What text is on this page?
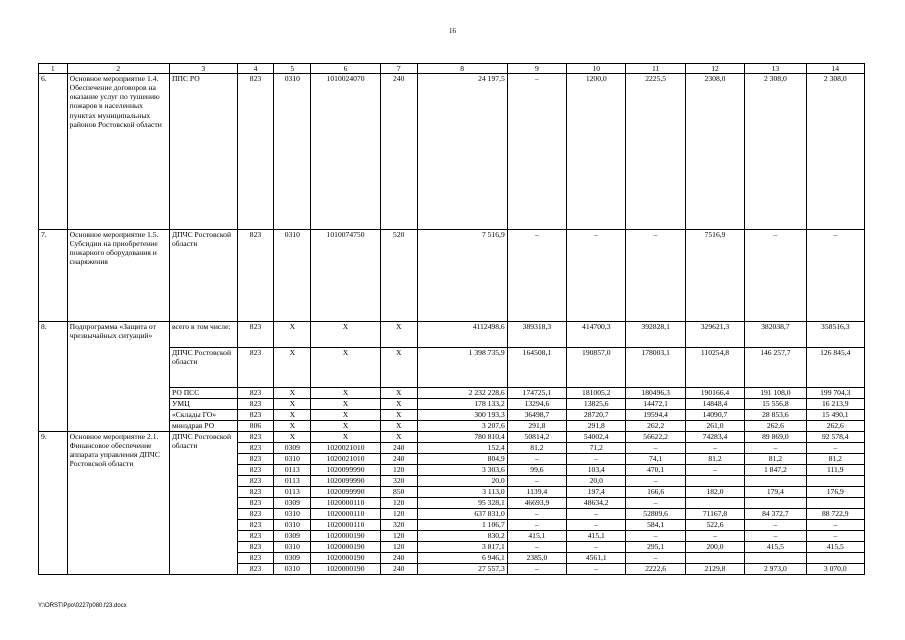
16
1	2	3	4	5	6	7	8	9	10	11	12	13	14
6.	Основное мероприятие 1.4. Обеспечение договоров на оказание услуг по тушению пожаров в населенных пунктах муниципальных районов Ростовской области	ППС РО	823	0310	1010024070	240	24 197,5	–	1200,0	2225,5	2308,0	2 308,0	2 308,0
7.	Основное мероприятие 1.5. Субсидии на приобретение пожарного оборудования и снаряжения	ДПЧС Ростовской области	823	0310	1010074750	520	7 516,9	–	–	–	7516,9	–	–
8.	Подпрограмма «Защита от чрезвычайных ситуаций»	всего в том числе:	823	Х	Х	Х	4112498,6	389318,3	414700,3	392828,1	329621,3	382038,7	358516,3
		ДПЧС Ростовской области	823	Х	Х	Х	1 398 735,9	164508,1	190857,0	178003,1	110254,8	146 257,7	126 845,4
		РО ПСС	823	Х	Х	Х	2 232 228,6	174725,1	181005,2	180496,3	190166,4	191 108,0	199 704,3
		УМЦ	823	Х	Х	Х	178 133,2	13294,6	13825,6	14472,1	14848,4	15 556,8	16 213,9
		«Склады ГО»	823	Х	Х	Х	300 193,3	36498,7	28720,7	19594,4	14090,7	28 853,6	15 490,1
		минздрав РО	806	Х	Х	Х	3 207,6	291,8	291,8	262,2	261,0	262,6	262,6
9.	Основное мероприятие 2.1. Финансовое обеспечение аппарата управления ДПЧС Ростовской области	ДПЧС Ростовской области	823	Х	Х	Х	780 810,4	50814,2	54002,4	56622,2	74283,4	89 869,0	92 578,4
			823	0309	1020021010	240	152,4	81,2	71,2	–	–	–	–
			823	0310	1020021010	240	804,9	–	–	74,1	81,2	81,2	81,2
			823	0113	1020099990	120	3 303,6	99,6	103,4	470,1	–	1 847,2	111,9
			823	0113	1020099990	320	20,0	–	20,0	–			
			823	0113	1020099990	850	3 113,0	1139,4	197,4	166,6	182,0	179,4	176,9
			823	0309	1020000110	120	95 328,1	46693,9	48634,2	–			
			823	0310	1020000110	120	637 831,0	–	–	52809,6	71167,8	84 372,7	88 722,9
			823	0310	1020000110	320	1 106,7	–	–	584,1	522,6	–	–
			823	0309	1020000190	120	830,2	415,1	415,1	–	–	–	–
			823	0310	1020000190	120	3 817,1	–	–	295,1	200,0	415,5	415,5
			823	0309	1020000190	240	6 946,1	2385,0	4561,1	–			
			823	0310	1020000190	240	27 557,3	–	–	2222,6	2129,8	2 973,0	3 070,0
Y:\ORST\Ppo\0227p080.f23.docx
